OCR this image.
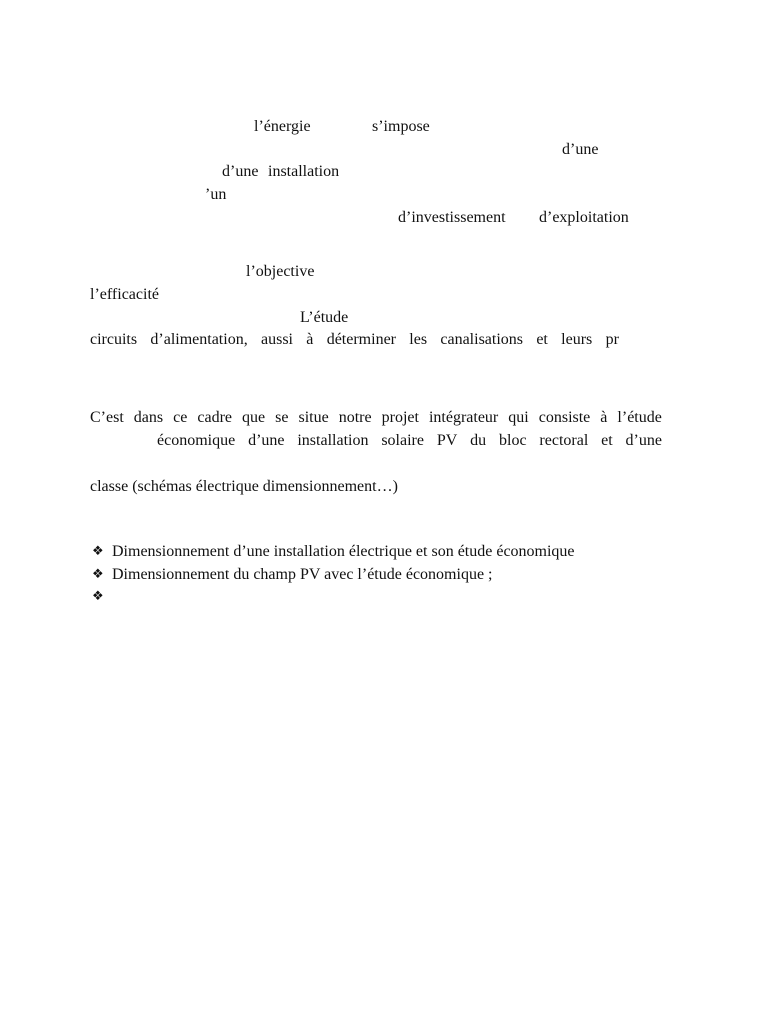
l’énergie	s’impose

d’une

d’une installation

’un

d’investissement d’exploitation

l’objective

l’efficacité

L’étude

circuits d’alimentation, aussi à déterminer les canalisations et leurs pr
C’est dans ce cadre que se situe notre projet intégrateur qui consiste à l’étude
économique d’une installation solaire PV du bloc rectoral et d’une

classe (schémas électrique dimensionnement…)

❖ Dimensionnement d’une installation électrique et son étude économique
❖ Dimensionnement du champ PV avec l’étude économique ;
❖
